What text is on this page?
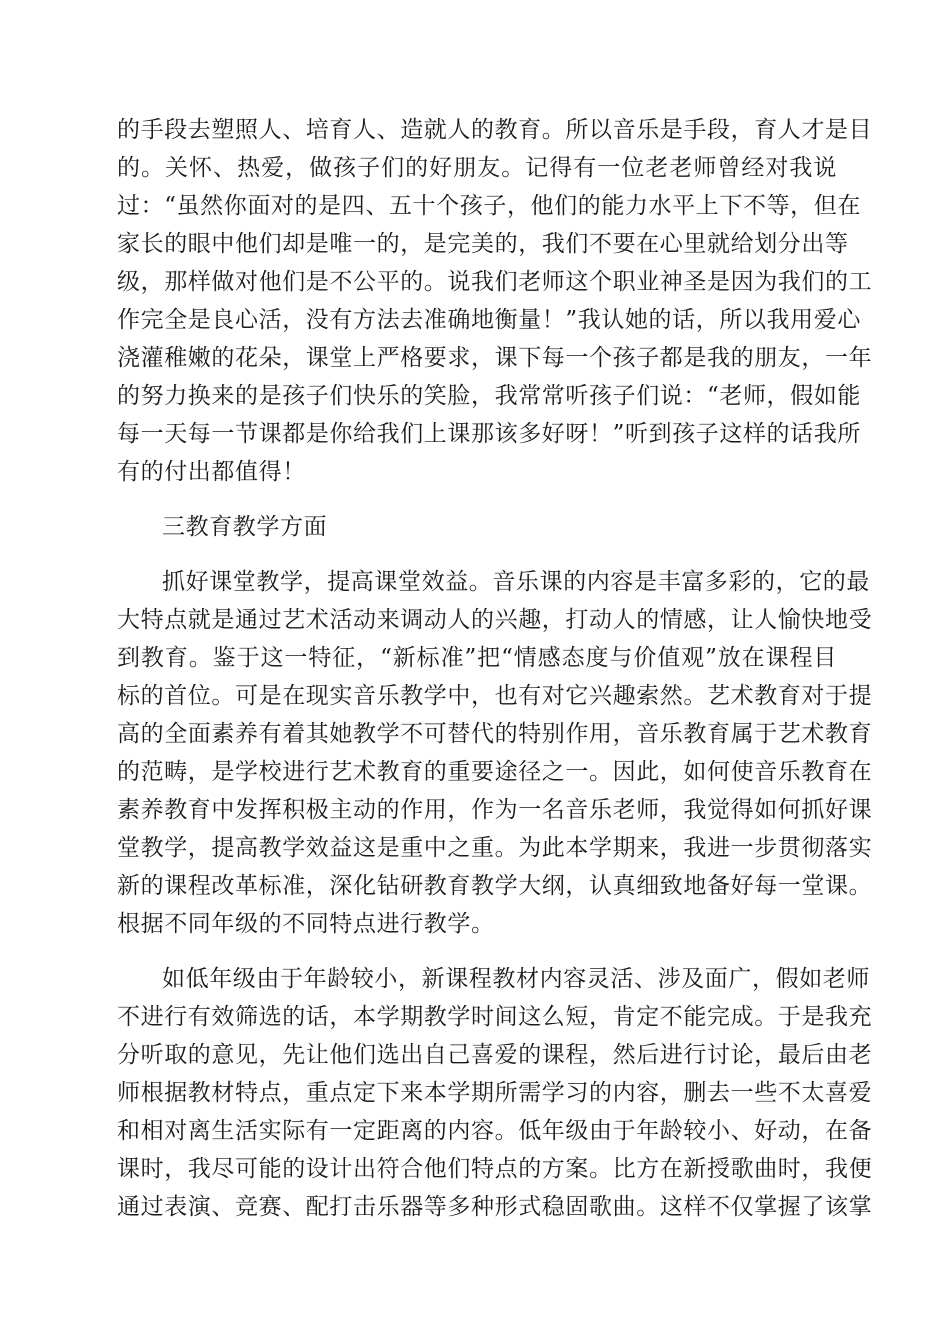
的手段去塑照人、培育人、造就人的教育。所以音乐是手段，育人才是目
的。关怀、热爱，做孩子们的好朋友。记得有一位老老师曾经对我说
过：“虽然你面对的是四、五十个孩子，他们的能力水平上下不等，但在
家长的眼中他们却是唯一的，是完美的，我们不要在心里就给划分出等
级，那样做对他们是不公平的。说我们老师这个职业神圣是因为我们的工
作完全是良心活，没有方法去准确地衡量！”我认她的话，所以我用爱心
浇灌稚嫩的花朵，课堂上严格要求，课下每一个孩子都是我的朋友，一年
的努力换来的是孩子们快乐的笑脸，我常常听孩子们说：“老师，假如能
每一天每一节课都是你给我们上课那该多好呀！”听到孩子这样的话我所
有的付出都值得！
三教育教学方面
抓好课堂教学，提高课堂效益。音乐课的内容是丰富多彩的，它的最
大特点就是通过艺术活动来调动人的兴趣，打动人的情感，让人愉快地受
到教育。鉴于这一特征，“新标准”把“情感态度与价值观”放在课程目
标的首位。可是在现实音乐教学中，也有对它兴趣索然。艺术教育对于提
高的全面素养有着其她教学不可替代的特别作用，音乐教育属于艺术教育
的范畴，是学校进行艺术教育的重要途径之一。因此，如何使音乐教育在
素养教育中发挥积极主动的作用，作为一名音乐老师，我觉得如何抓好课
堂教学，提高教学效益这是重中之重。为此本学期来，我进一步贯彻落实
新的课程改革标准，深化钻研教育教学大纲，认真细致地备好每一堂课。
根据不同年级的不同特点进行教学。
如低年级由于年龄较小，新课程教材内容灵活、涉及面广，假如老师
不进行有效筛选的话，本学期教学时间这么短，肯定不能完成。于是我充
分听取的意见，先让他们选出自己喜爱的课程，然后进行讨论，最后由老
师根据教材特点，重点定下来本学期所需学习的内容，删去一些不太喜爱
和相对离生活实际有一定距离的内容。低年级由于年龄较小、好动，在备
课时，我尽可能的设计出符合他们特点的方案。比方在新授歌曲时，我便
通过表演、竞赛、配打击乐器等多种形式稳固歌曲。这样不仅掌握了该掌
